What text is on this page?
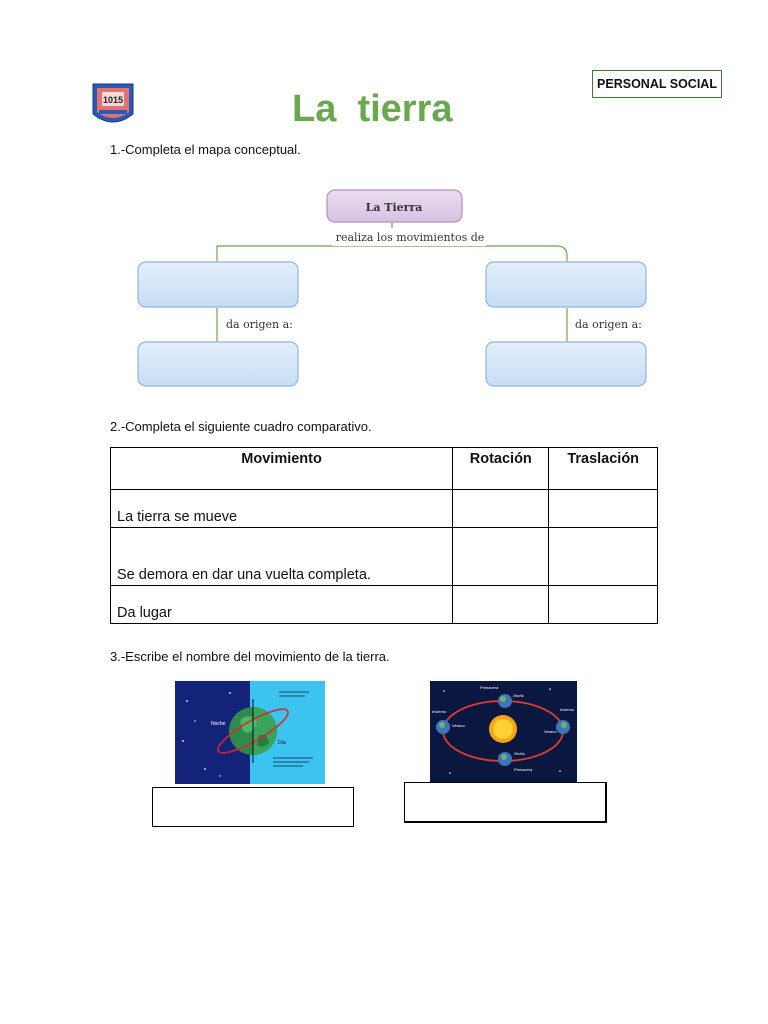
PERSONAL SOCIAL
1015	La  tierra
1.-Completa el mapa conceptual.
La Tierra
realiza los movimientos de
da origen a:	da origen a:
2.-Completa el siguiente cuadro comparativo.
Movimiento	Rotación	Traslación
La tierra se mueve		
Se demora en dar una vuelta completa.		
Da lugar		
3.-Escribe el nombre del movimiento de la tierra.
Noche
Día
Primavera
Otoño
Invierno
Verano
Invierno
Verano
Otoño
Primavera
